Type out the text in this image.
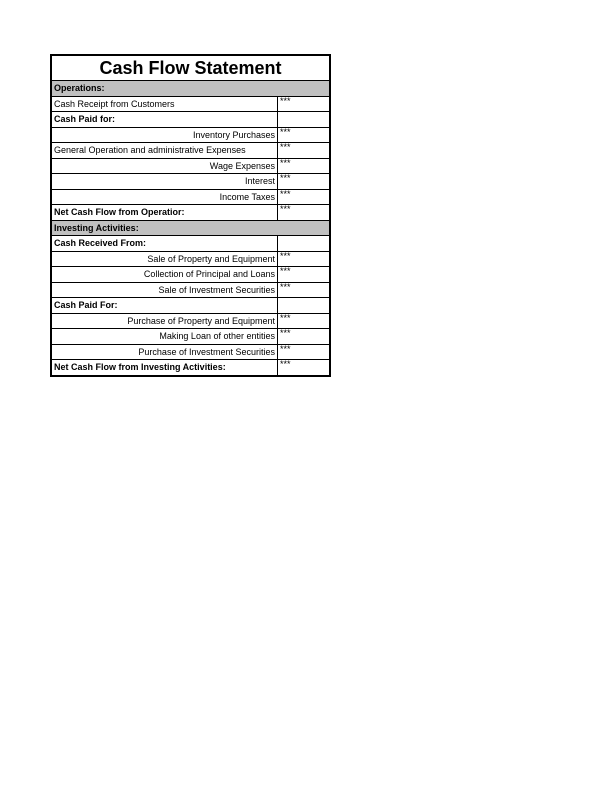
Cash Flow Statement
Operations:
Cash Receipt from Customers	***
Cash Paid for:
Inventory Purchases ***
General Operation and administrative Expenses	***
Wage Expenses ***
Interest ***
Income Taxes ***
Net Cash Flow from Operatior:	***
Investing Activities:
Cash Received From:
Sale of Property and Equipment ***
Collection of Principal and Loans ***
Sale of Investment Securities ***
Cash Paid For:
Purchase of Property and Equipment ***
Making Loan of other entities ***
Purchase of Investment Securities ***
Net Cash Flow from Investing Activities:	***
